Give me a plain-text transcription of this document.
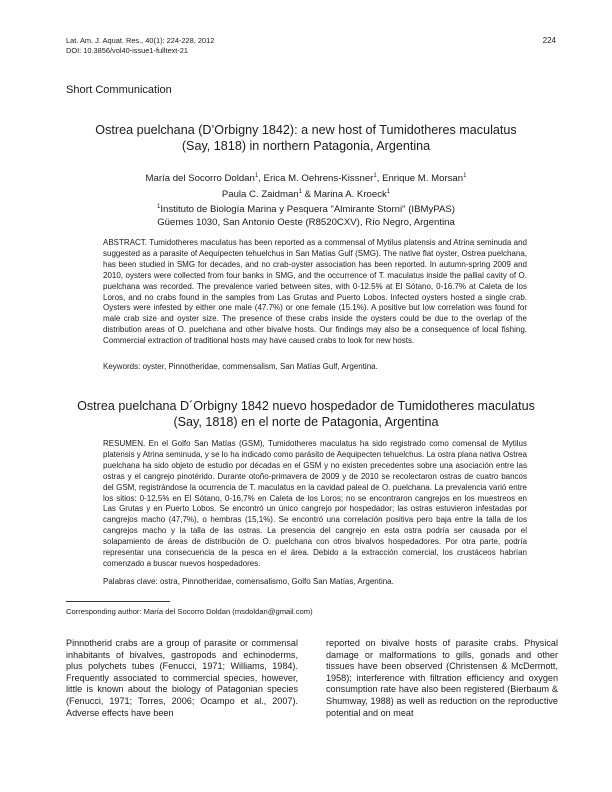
Lat. Am. J. Aquat. Res., 40(1): 224-228, 2012
DOI: 10.3856/vol40-issue1-fulltext-21
224
Short Communication
Ostrea puelchana (D’Orbigny 1842): a new host of Tumidotheres maculatus
(Say, 1818) in northern Patagonia, Argentina
María del Socorro Doldan$^1$, Erica M. Oehrens-Kissner$^1$, Enrique M. Morsan$^1$
Paula C. Zaidman$^1$ & Marina A. Kroeck$^1$
$^1$Instituto de Biología Marina y Pesquera "Almirante Storni" (IBMyPAS)
Güemes 1030, San Antonio Oeste (R8520CXV), Río Negro, Argentina
ABSTRACT. Tumidotheres maculatus has been reported as a commensal of Mytilus platensis and Atrina seminuda and suggested as a parasite of Aequipecten tehuelchus in San Matías Gulf (SMG). The native flat oyster, Ostrea puelchana, has been studied in SMG for decades, and no crab-oyster association has been reported. In autumn-spring 2009 and 2010, oysters were collected from four banks in SMG, and the occurrence of T. maculatus inside the pallial cavity of O. puelchana was recorded. The prevalence varied between sites, with 0-12.5% at El Sótano, 0-16.7% at Caleta de los Loros, and no crabs found in the samples from Las Grutas and Puerto Lobos. Infected oysters hosted a single crab. Oysters were infested by either one male (47.7%) or one female (15.1%). A positive but low correlation was found for male crab size and oyster size. The presence of these crabs inside the oysters could be due to the overlap of the distribution areas of O. puelchana and other bivalve hosts. Our findings may also be a consequence of local fishing. Commercial extraction of traditional hosts may have caused crabs to look for new hosts.
Keywords: oyster, Pinnotheridae, commensalism, San Matías Gulf, Argentina.
Ostrea puelchana D´Orbigny 1842 nuevo hospedador de Tumidotheres maculatus
(Say, 1818) en el norte de Patagonia, Argentina
RESUMEN. En el Golfo San Matías (GSM), Tumidotheres maculatus ha sido registrado como comensal de Mytilus platensis y Atrina seminuda, y se lo ha indicado como parásito de Aequipecten tehuelchus. La ostra plana nativa Ostrea puelchana ha sido objeto de estudio por décadas en el GSM y no existen precedentes sobre una asociación entre las ostras y el cangrejo pinotérido. Durante otoño-primavera de 2009 y de 2010 se recolectaron ostras de cuatro bancos del GSM, registrándose la ocurrencia de T. maculatus en la cavidad paleal de O. puelchana. La prevalencia varió entre los sitios: 0-12,5% en El Sótano, 0-16,7% en Caleta de los Loros; no se encontraron cangrejos en los muestreos en Las Grutas y en Puerto Lobos. Se encontró un único cangrejo por hospedador; las ostras estuvieron infestadas por cangrejos macho (47,7%), o hembras (15,1%). Se encontró una correlación positiva pero baja entre la talla de los cangrejos macho y la talla de las ostras. La presencia del cangrejo en esta ostra podría ser causada por el solapamiento de áreas de distribución de O. puelchana con otros bivalvos hospedadores. Por otra parte, podría representar una consecuencia de la pesca en el área. Debido a la extracción comercial, los crustáceos habrían comenzado a buscar nuevos hospedadores.
Palabras clave: ostra, Pinnotheridae, comensalismo, Golfo San Matías, Argentina.
Corresponding author: María del Socorro Doldan (msdoldan@gmail.com)
Pinnotherid crabs are a group of parasite or commensal inhabitants of bivalves, gastropods and echinoderms, plus polychets tubes (Fenucci, 1971; Williams, 1984). Frequently associated to commercial species, however, little is known about the biology of Patagonian species (Fenucci, 1971; Torres, 2006; Ocampo et al., 2007). Adverse effects have been
reported on bivalve hosts of parasite crabs. Physical damage or malformations to gills, gonads and other tissues have been observed (Christensen & McDermott, 1958); interference with filtration efficiency and oxygen consumption rate have also been registered (Bierbaum & Shumway, 1988) as well as reduction on the reproductive potential and on meat
